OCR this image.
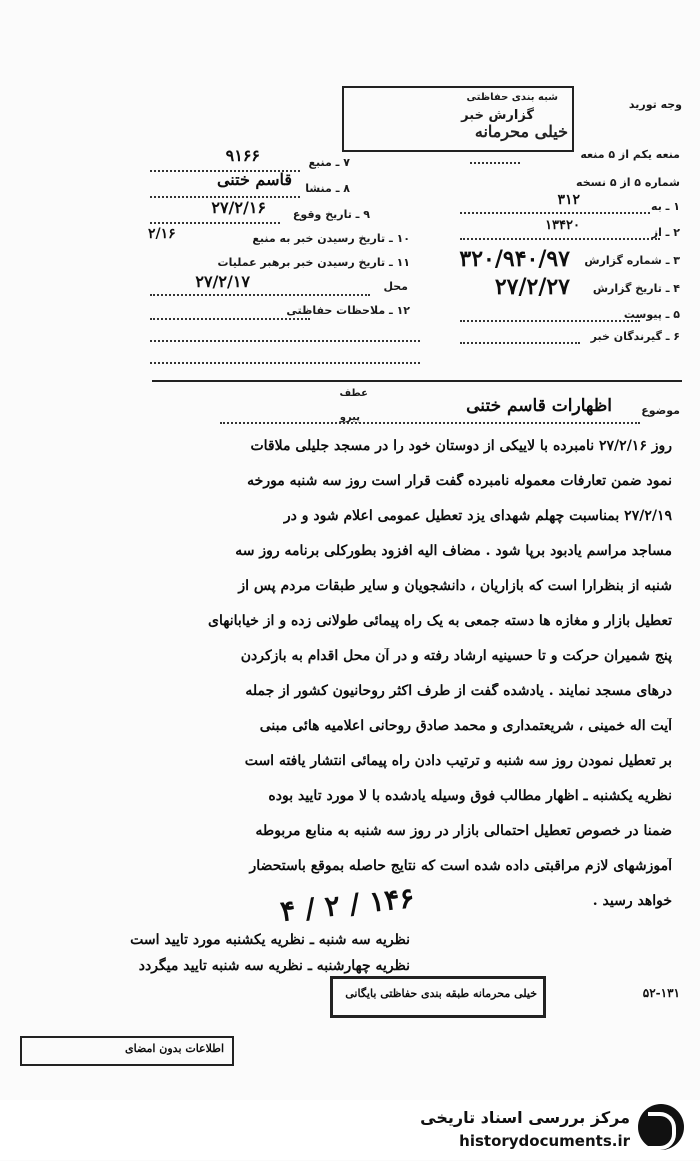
شبه بندی حفاظتی
گزارش خبر
خیلی محرمانه
وجه تورید
منعه یکم از ۵ منعه
شماره ۵ از ۵ نسخه
۱ ـ به
۳۱۲
۲ ـ از
۱۳۴۲۰
۳ ـ شماره گزارش
۳۲۰/۹۴۰/۹۷
۴ ـ تاریخ گزارش
۲۷/۲/۲۷
۵ ـ پیوست
۶ ـ گیرندگان خبر
۷ ـ منبع
۹۱۶۶
۸ ـ منشا
قاسم ختنی
۹ ـ تاریخ وقوع
۲۷/۲/۱۶
۱۰ ـ تاریخ رسیدن خبر به منبع
۲/۱۶
۱۱ ـ تاریخ رسیدن خبر برهبر عملیات
۲۷/۲/۱۷	محل
۱۲ ـ ملاحظات حفاظتی
عطف
پیرو
موضوع
اظهارات قاسم ختنی
روز ۲۷/۲/۱۶ نامبرده با لاییکی از دوستان خود را در مسجد جلیلی ملاقات
نمود ضمن تعارفات معموله نامبرده گفت قرار است روز سه شنبه مورخه
۲۷/۲/۱۹ بمناسبت چهلم شهدای یزد تعطیل عمومی اعلام شود و در
مساجد مراسم یادبود برپا شود . مضاف الیه افزود بطورکلی برنامه روز سه
شنبه از بنظرارا است که بازاریان ، دانشجویان و سایر طبقات مردم پس از
تعطیل بازار و مغازه ها دسته جمعی به یک راه پیمائی طولانی زده و از خیابانهای
پنج شمیران حرکت و تا حسینیه ارشاد رفته و در آن محل اقدام به بازکردن
درهای مسجد نمایند . یادشده گفت از طرف اکثر روحانیون کشور از جمله
آیت اله خمینی ، شریعتمداری و محمد صادق روحانی اعلامیه هائی مبنی
بر تعطیل نمودن روز سه شنبه و ترتیب دادن راه پیمائی انتشار یافته است
نظریه یکشنبه ـ اظهار مطالب فوق وسیله یادشده با لا مورد تایید بوده
ضمنا در خصوص تعطیل احتمالی بازار در روز سه شنبه به منابع مربوطه
آموزشهای لازم مراقبتی داده شده است که نتایج حاصله بموقع باستحضار
خواهد رسید .
نظریه سه شنبه ـ نظریه یکشنبه مورد تایید است
نظریه چهارشنبه ـ نظریه سه شنبه تایید میگردد
۴ / ۲ / ۱۴۶
۵۲-۱۳۱
خیلی محرمانه طبقه بندی حفاظتی بایگانی
اطلاعات بدون امضای
مرکز بررسی اسناد تاریخی
historydocuments.ir
